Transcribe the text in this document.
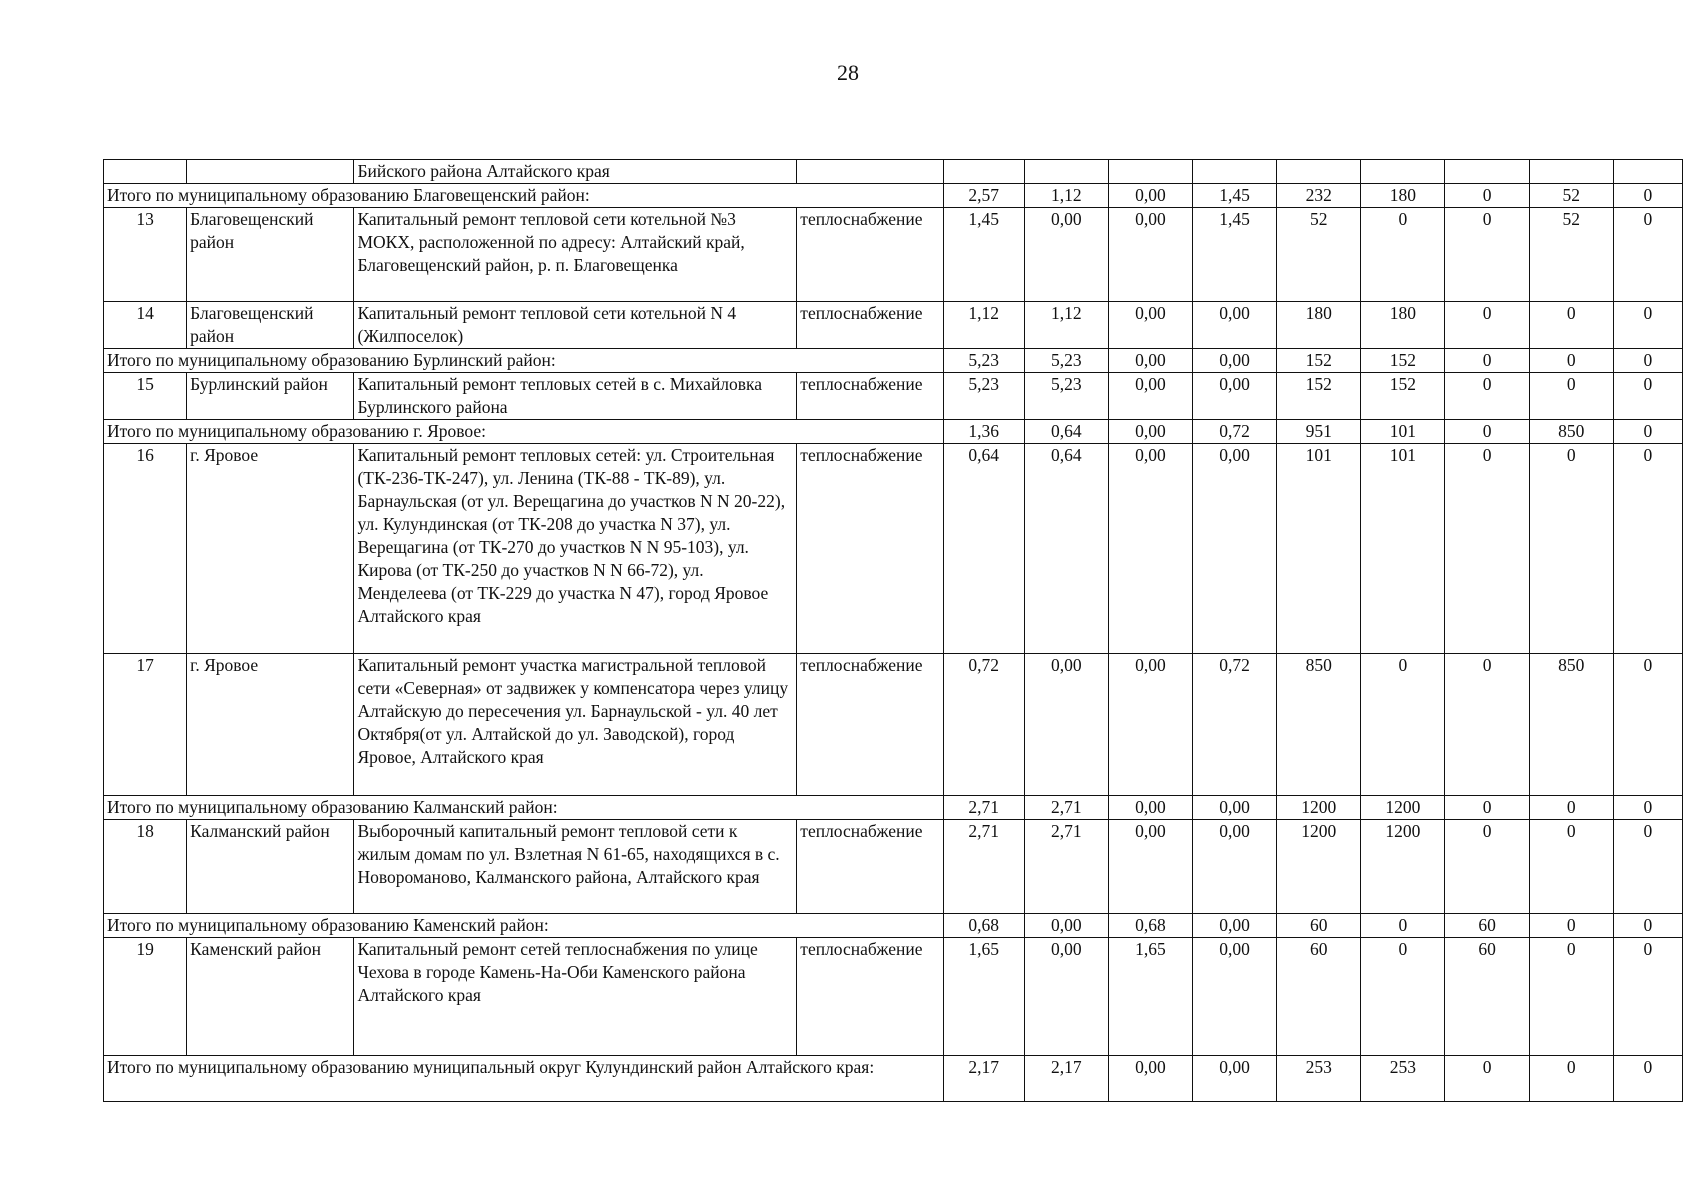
28
		Бийского района Алтайского края										
Итого по муниципальному образованию Благовещенский район:				2,57	1,12	0,00	1,45	232	180	0	52	0
13	Благовещенский район	Капитальный ремонт тепловой сети котельной №3 МОКХ, расположенной по адресу: Алтайский край, Благовещенский район, р. п. Благовещенка	теплоснабжение	1,45	0,00	0,00	1,45	52	0	0	52	0
14	Благовещенский район	Капитальный ремонт тепловой сети котельной N 4 (Жилпоселок)	теплоснабжение	1,12	1,12	0,00	0,00	180	180	0	0	0
Итого по муниципальному образованию Бурлинский район:				5,23	5,23	0,00	0,00	152	152	0	0	0
15	Бурлинский район	Капитальный ремонт тепловых сетей в с. Михайловка Бурлинского района	теплоснабжение	5,23	5,23	0,00	0,00	152	152	0	0	0
Итого по муниципальному образованию г. Яровое:				1,36	0,64	0,00	0,72	951	101	0	850	0
16	г. Яровое	Капитальный ремонт тепловых сетей: ул. Строительная (ТК-236-ТК-247), ул. Ленина (ТК-88 - ТК-89), ул. Барнаульская (от ул. Верещагина до участков N N 20-22), ул. Кулундинская (от ТК-208 до участка N 37), ул. Верещагина (от ТК-270 до участков N N 95-103), ул. Кирова (от ТК-250 до участков N N 66-72), ул. Менделеева (от ТК-229 до участка N 47), город Яровое Алтайского края	теплоснабжение	0,64	0,64	0,00	0,00	101	101	0	0	0
17	г. Яровое	Капитальный ремонт участка магистральной тепловой сети «Северная» от задвижек у компенсатора через улицу Алтайскую до пересечения ул. Барнаульской - ул. 40 лет Октября(от ул. Алтайской до ул. Заводской), город Яровое, Алтайского края	теплоснабжение	0,72	0,00	0,00	0,72	850	0	0	850	0
Итого по муниципальному образованию Калманский район:				2,71	2,71	0,00	0,00	1200	1200	0	0	0
18	Калманский район	Выборочный капитальный ремонт тепловой сети к жилым домам по ул. Взлетная N 61-65, находящихся в с. Новороманово, Калманского района, Алтайского края	теплоснабжение	2,71	2,71	0,00	0,00	1200	1200	0	0	0
Итого по муниципальному образованию Каменский район:				0,68	0,00	0,68	0,00	60	0	60	0	0
19	Каменский район	Капитальный ремонт сетей теплоснабжения по улице Чехова в городе Камень-На-Оби Каменского района Алтайского края	теплоснабжение	1,65	0,00	1,65	0,00	60	0	60	0	0
Итого по муниципальному образованию муниципальный округ Кулундинский район Алтайского края:				2,17	2,17	0,00	0,00	253	253	0	0	0
